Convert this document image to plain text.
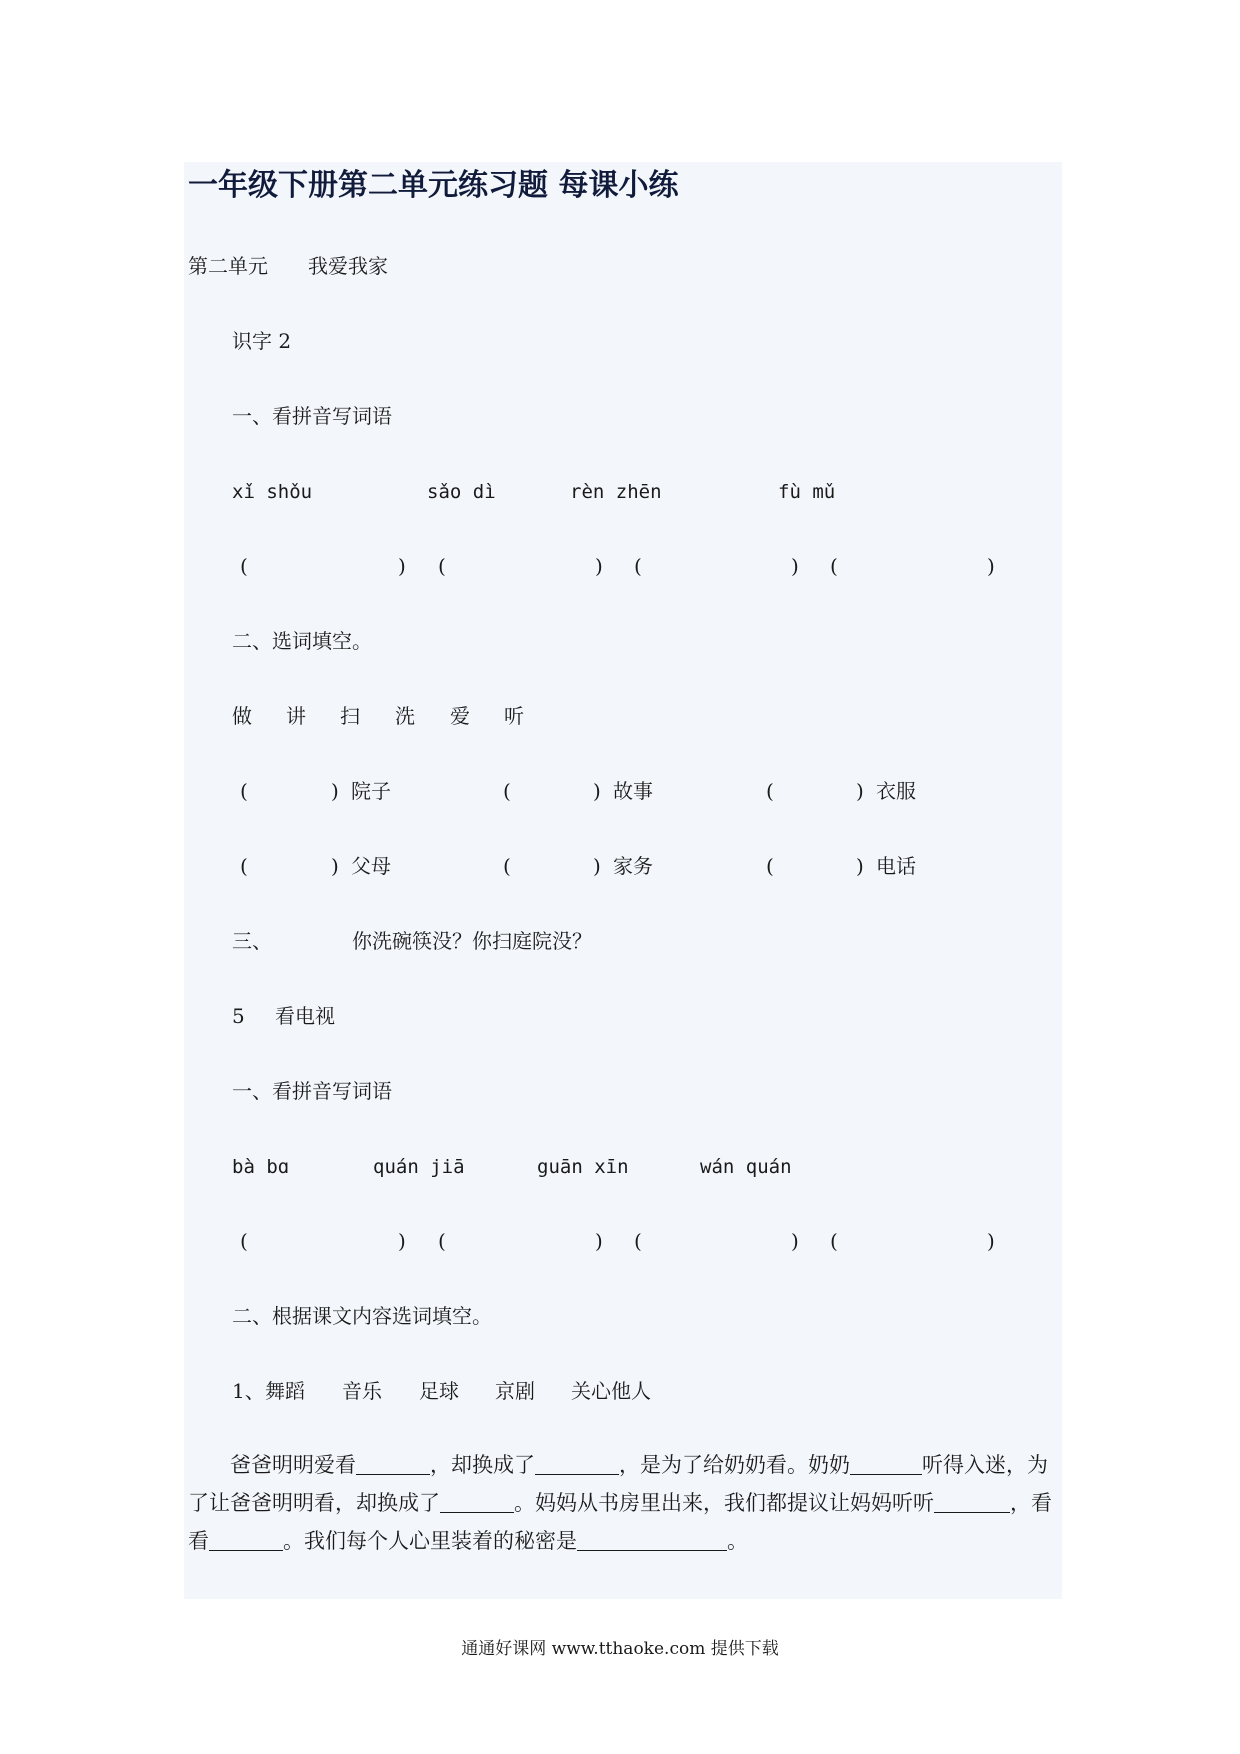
一年级下册第二单元练习题 每课小练
第二单元 我爱我家
识字 2
一、看拼音写词语
xǐ shǒu	sǎo dì	rèn zhēn	fù mǔ
(	) (	) (	) (	)
二、选词填空。
做 讲 扫 洗 爱 听
(	) 院子	(	) 故事	(	) 衣服
(	) 父母	(	) 家务	(	) 电话
三、	你洗碗筷没？你扫庭院没？
5 看电视
一、看拼音写词语
bà bɑ	quán jiā	guān xīn	wán quán
(	) (	) (	) (	)
二、根据课文内容选词填空。
1、 舞蹈 音乐 足球 京剧 关心他人
爸爸明明爱看	，却换成了	，是为了给奶奶看。奶奶	听得入迷，为了让爸爸明明看，却换成了	。妈妈从书房里出来，我们都提议让妈妈听听	，看看	。我们每个人心里装着的秘密是	。
通通好课网 www.tthaoke.com 提供下载
